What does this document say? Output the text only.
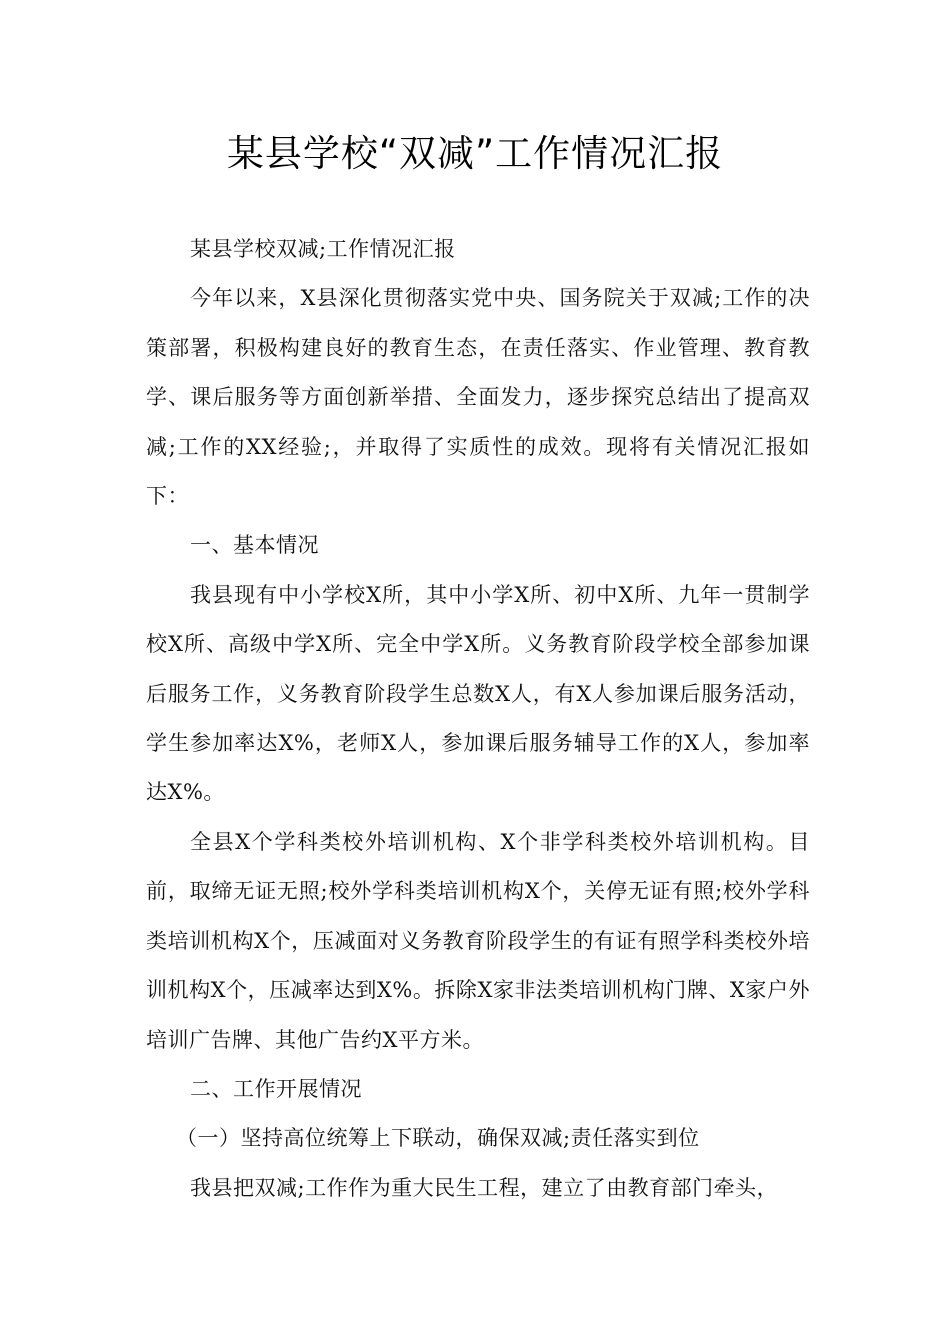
某县学校“双减”工作情况汇报

某县学校双减;工作情况汇报

今年以来，X县深化贯彻落实党中央、国务院关于双减;工作的决策部署，积极构建良好的教育生态，在责任落实、作业管理、教育教学、课后服务等方面创新举措、全面发力，逐步探究总结出了提高双减;工作的XX经验;，并取得了实质性的成效。现将有关情况汇报如下：

一、基本情况

我县现有中小学校X所，其中小学X所、初中X所、九年一贯制学校X所、高级中学X所、完全中学X所。义务教育阶段学校全部参加课后服务工作，义务教育阶段学生总数X人，有X人参加课后服务活动，学生参加率达X%，老师X人，参加课后服务辅导工作的X人，参加率达X%。

全县X个学科类校外培训机构、X个非学科类校外培训机构。目前，取缔无证无照;校外学科类培训机构X个，关停无证有照;校外学科类培训机构X个，压减面对义务教育阶段学生的有证有照学科类校外培训机构X个，压减率达到X%。拆除X家非法类培训机构门牌、X家户外培训广告牌、其他广告约X平方米。

二、工作开展情况

（一）坚持高位统筹上下联动，确保双减;责任落实到位

我县把双减;工作作为重大民生工程，建立了由教育部门牵头，
